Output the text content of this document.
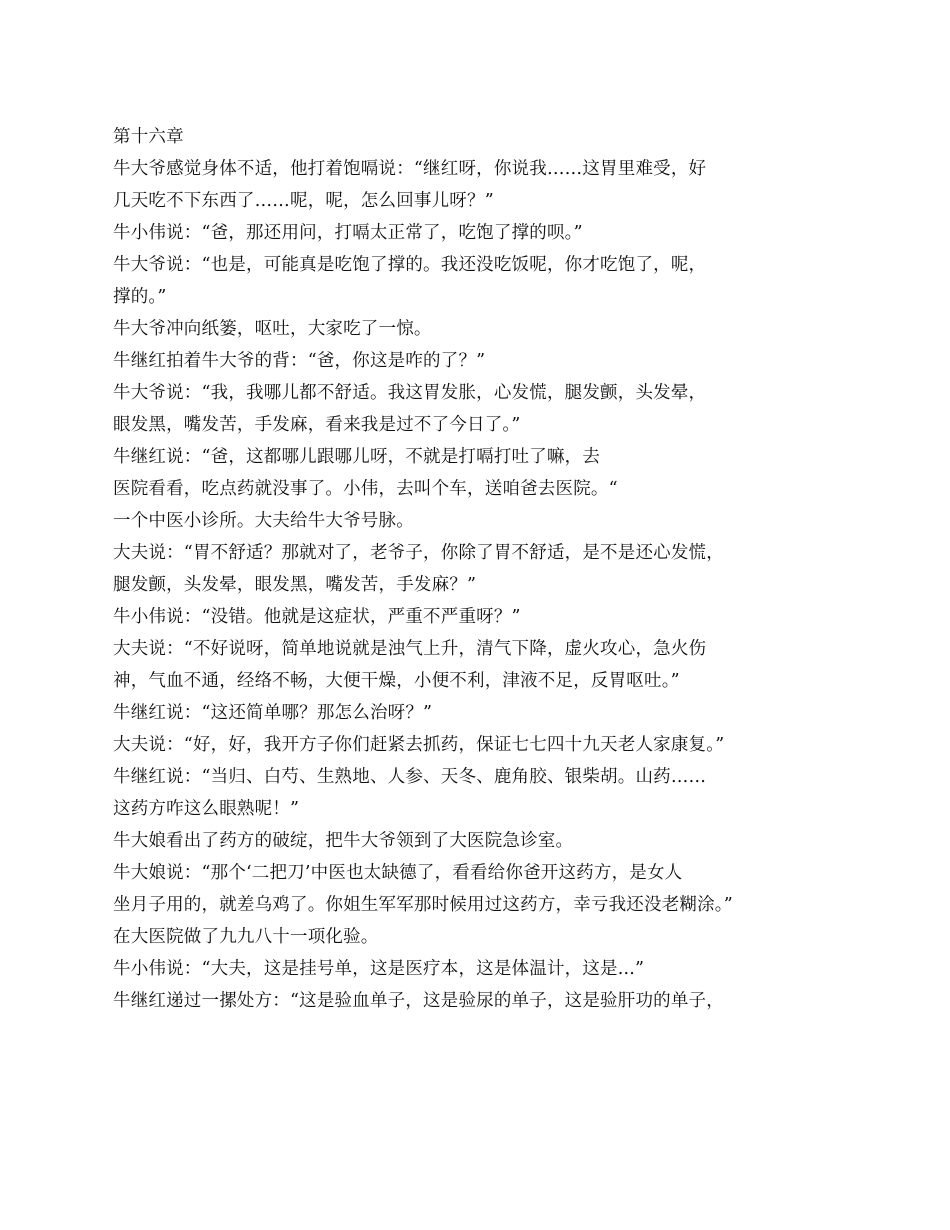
第十六章
牛大爷感觉身体不适，他打着饱嗝说：“继红呀，你说我……这胃里难受，好
几天吃不下东西了……呢，呢，怎么回事儿呀？”
牛小伟说：“爸，那还用问，打嗝太正常了，吃饱了撑的呗。”
牛大爷说：“也是，可能真是吃饱了撑的。我还没吃饭呢，你才吃饱了，呢，
撑的。”
牛大爷冲向纸篓，呕吐，大家吃了一惊。
牛继红拍着牛大爷的背：“爸，你这是咋的了？”
牛大爷说：“我，我哪儿都不舒适。我这胃发胀，心发慌，腿发颤，头发晕，
眼发黑，嘴发苦，手发麻，看来我是过不了今日了。”
牛继红说：“爸，这都哪儿跟哪儿呀，不就是打嗝打吐了嘛，去
医院看看，吃点药就没事了。小伟，去叫个车，送咱爸去医院。“
一个中医小诊所。大夫给牛大爷号脉。
大夫说：“胃不舒适？那就对了，老爷子，你除了胃不舒适，是不是还心发慌，
腿发颤，头发晕，眼发黑，嘴发苦，手发麻？”
牛小伟说：“没错。他就是这症状，严重不严重呀？”
大夫说：“不好说呀，简单地说就是浊气上升，清气下降，虚火攻心，急火伤
神，气血不通，经络不畅，大便干燥，小便不利，津液不足，反胃呕吐。”
牛继红说：“这还简单哪？那怎么治呀？”
大夫说：“好，好，我开方子你们赶紧去抓药，保证七七四十九天老人家康复。”
牛继红说：“当归、白芍、生熟地、人参、天冬、鹿角胶、银柴胡。山药……
这药方咋这么眼熟呢！”
牛大娘看出了药方的破绽，把牛大爷领到了大医院急诊室。
牛大娘说：“那个‘二把刀’中医也太缺德了，看看给你爸开这药方，是女人
坐月子用的，就差乌鸡了。你姐生军军那时候用过这药方，幸亏我还没老糊涂。”
在大医院做了九九八十一项化验。
牛小伟说：“大夫，这是挂号单，这是医疗本，这是体温计，这是...”
牛继红递过一摞处方：“这是验血单子，这是验尿的单子，这是验肝功的单子，
